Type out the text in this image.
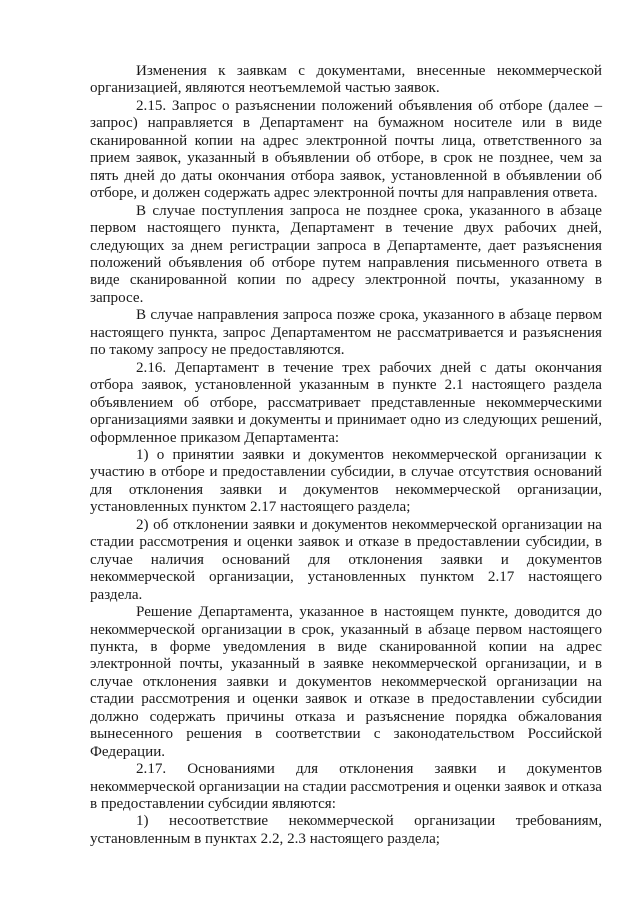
Изменения к заявкам с документами, внесенные некоммерческой организацией, являются неотъемлемой частью заявок.

2.15. Запрос о разъяснении положений объявления об отборе (далее – запрос) направляется в Департамент на бумажном носителе или в виде сканированной копии на адрес электронной почты лица, ответственного за прием заявок, указанный в объявлении об отборе, в срок не позднее, чем за пять дней до даты окончания отбора заявок, установленной в объявлении об отборе, и должен содержать адрес электронной почты для направления ответа.

В случае поступления запроса не позднее срока, указанного в абзаце первом настоящего пункта, Департамент в течение двух рабочих дней, следующих за днем регистрации запроса в Департаменте, дает разъяснения положений объявления об отборе путем направления письменного ответа в виде сканированной копии по адресу электронной почты, указанному в запросе.

В случае направления запроса позже срока, указанного в абзаце первом настоящего пункта, запрос Департаментом не рассматривается и разъяснения по такому запросу не предоставляются.

2.16. Департамент в течение трех рабочих дней с даты окончания отбора заявок, установленной указанным в пункте 2.1 настоящего раздела объявлением об отборе, рассматривает представленные некоммерческими организациями заявки и документы и принимает одно из следующих решений, оформленное приказом Департамента:

1) о принятии заявки и документов некоммерческой организации к участию в отборе и предоставлении субсидии, в случае отсутствия оснований для отклонения заявки и документов некоммерческой организации, установленных пунктом 2.17 настоящего раздела;

2) об отклонении заявки и документов некоммерческой организации на стадии рассмотрения и оценки заявок и отказе в предоставлении субсидии, в случае наличия оснований для отклонения заявки и документов некоммерческой организации, установленных пунктом 2.17 настоящего раздела.

Решение Департамента, указанное в настоящем пункте, доводится до некоммерческой организации в срок, указанный в абзаце первом настоящего пункта, в форме уведомления в виде сканированной копии на адрес электронной почты, указанный в заявке некоммерческой организации, и в случае отклонения заявки и документов некоммерческой организации на стадии рассмотрения и оценки заявок и отказе в предоставлении субсидии должно содержать причины отказа и разъяснение порядка обжалования вынесенного решения в соответствии с законодательством Российской Федерации.

2.17. Основаниями для отклонения заявки и документов некоммерческой организации на стадии рассмотрения и оценки заявок и отказа в предоставлении субсидии являются:

1) несоответствие некоммерческой организации требованиям, установленным в пунктах 2.2, 2.3 настоящего раздела;
